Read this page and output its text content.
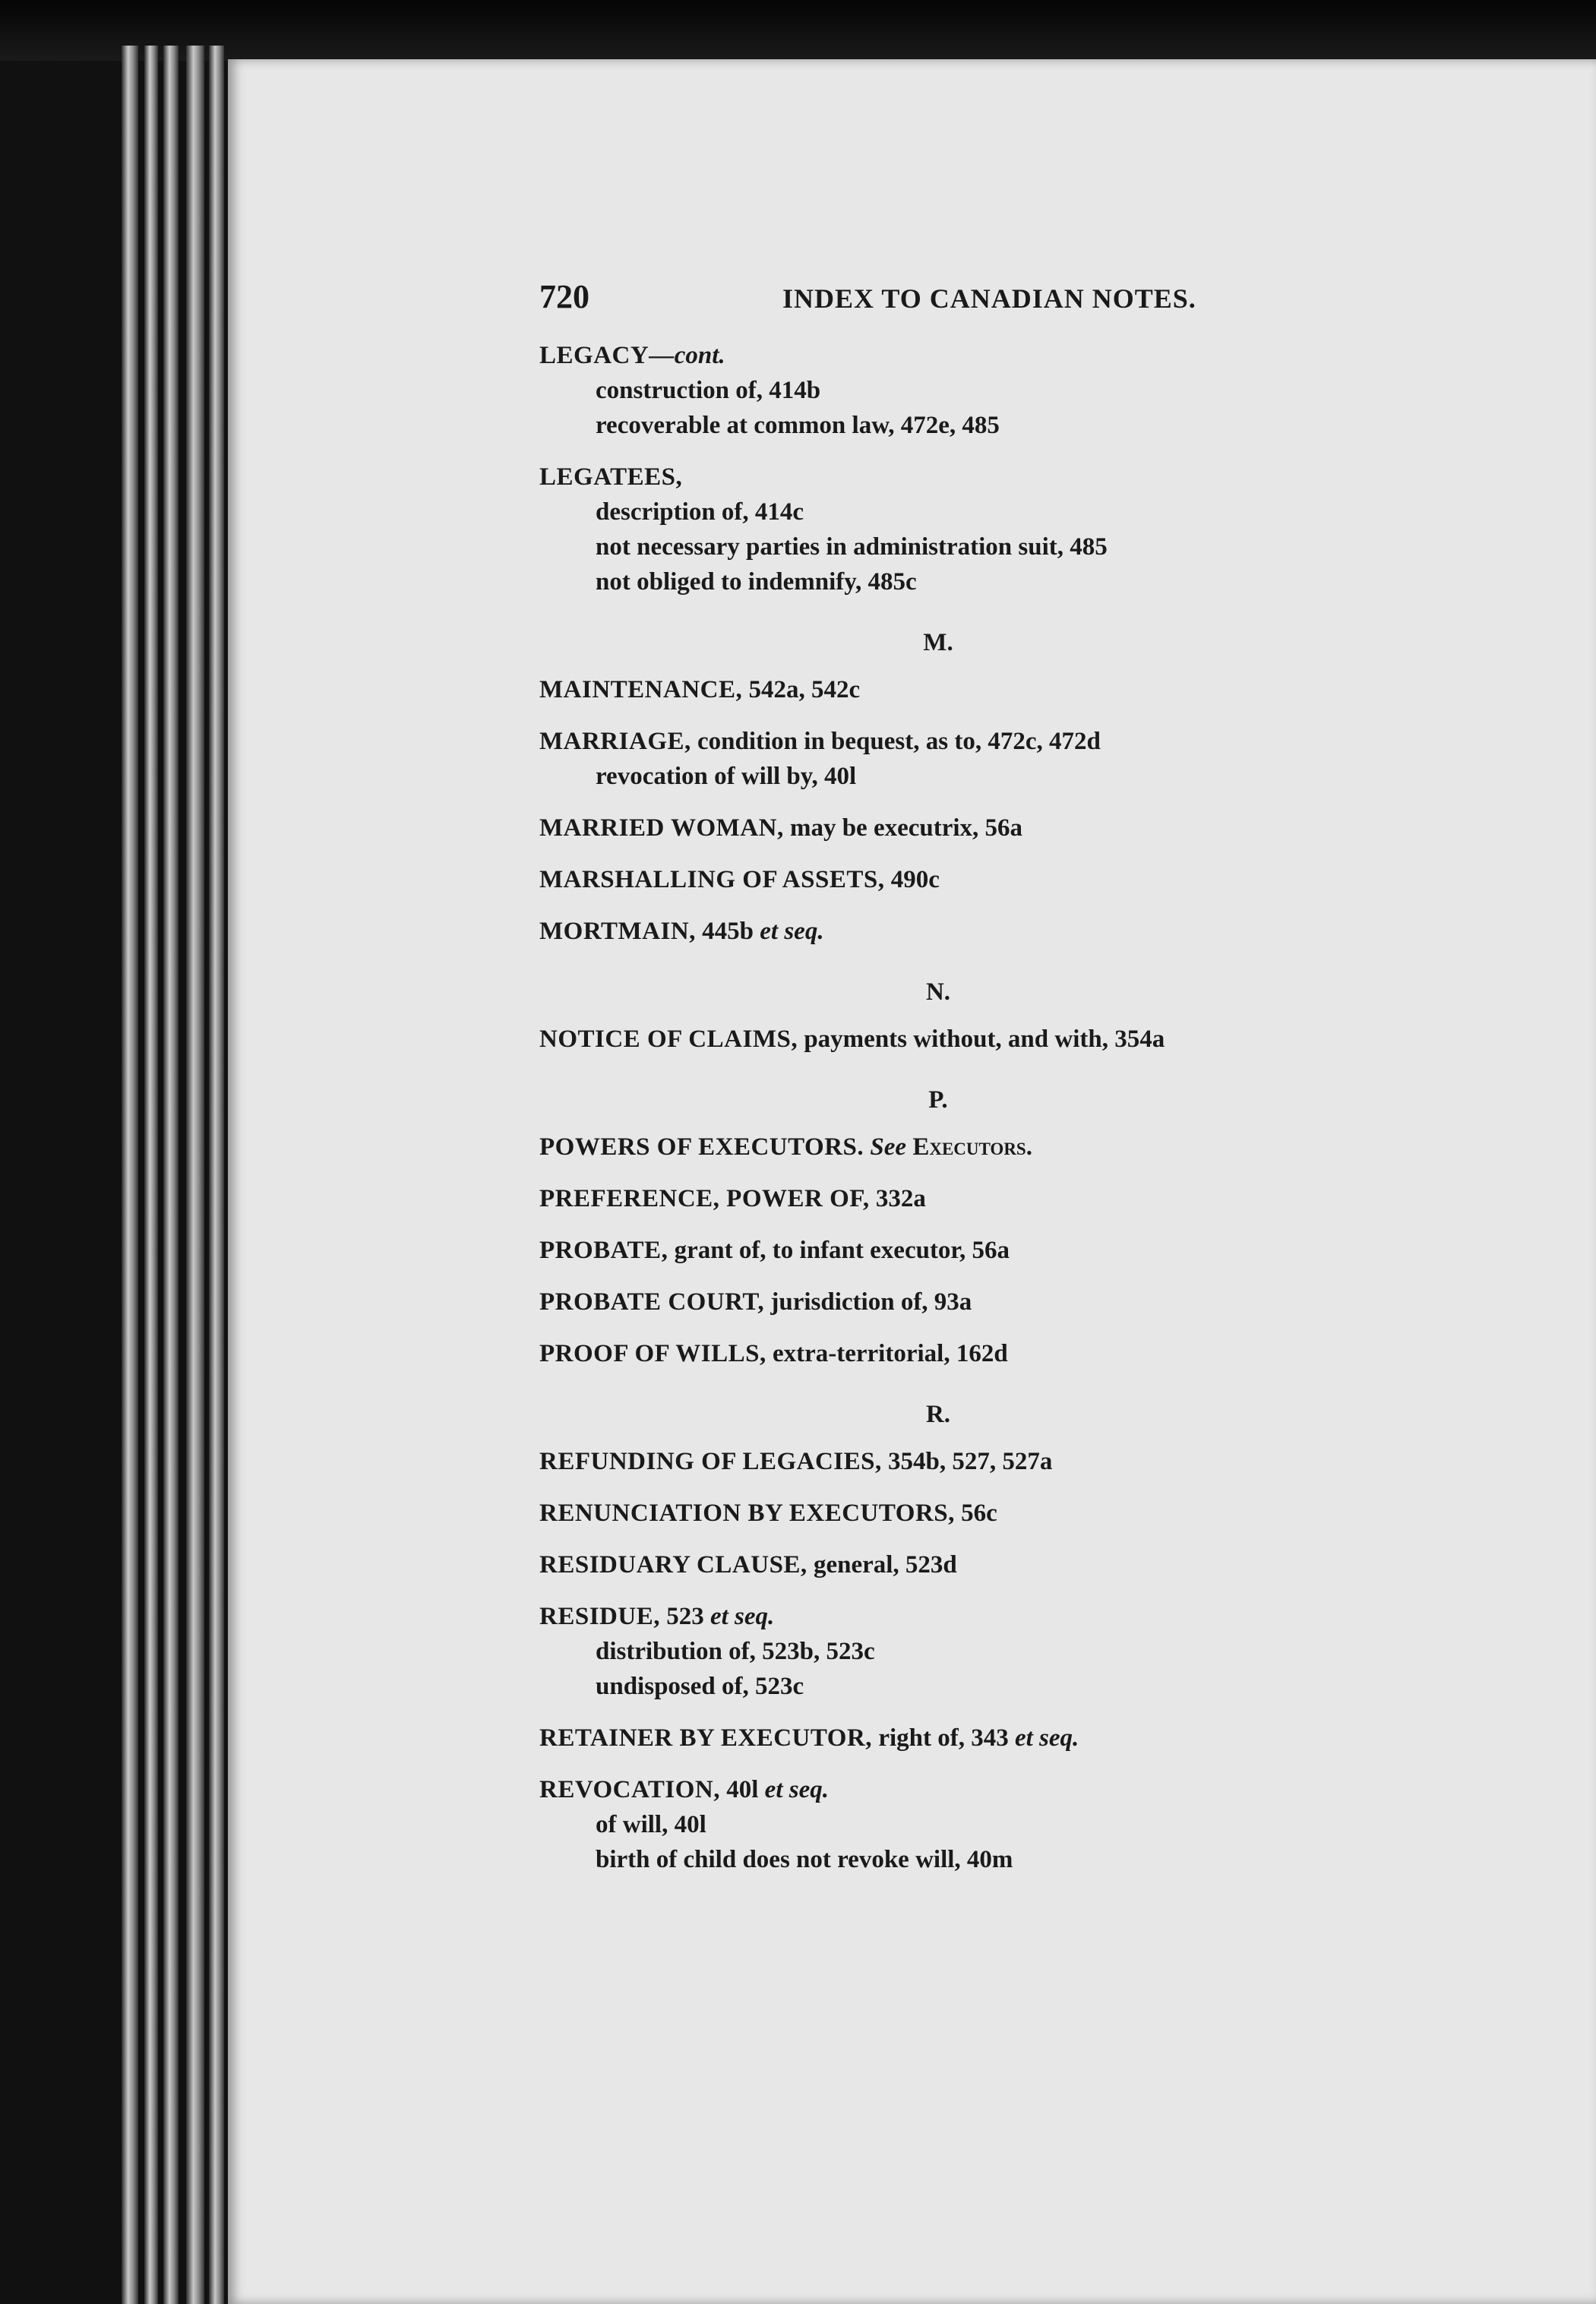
720	INDEX TO CANADIAN NOTES.
LEGACY—cont.
construction of, 414b
recoverable at common law, 472e, 485
LEGATEES,
description of, 414c
not necessary parties in administration suit, 485
not obliged to indemnify, 485c
M.
MAINTENANCE, 542a, 542c
MARRIAGE, condition in bequest, as to, 472c, 472d
revocation of will by, 40l
MARRIED WOMAN, may be executrix, 56a
MARSHALLING OF ASSETS, 490c
MORTMAIN, 445b et seq.
N.
NOTICE OF CLAIMS, payments without, and with, 354a
P.
POWERS OF EXECUTORS. See Executors.
PREFERENCE, POWER OF, 332a
PROBATE, grant of, to infant executor, 56a
PROBATE COURT, jurisdiction of, 93a
PROOF OF WILLS, extra-territorial, 162d
R.
REFUNDING OF LEGACIES, 354b, 527, 527a
RENUNCIATION BY EXECUTORS, 56c
RESIDUARY CLAUSE, general, 523d
RESIDUE, 523 et seq.
distribution of, 523b, 523c
undisposed of, 523c
RETAINER BY EXECUTOR, right of, 343 et seq.
REVOCATION, 40l et seq.
of will, 40l
birth of child does not revoke will, 40m
